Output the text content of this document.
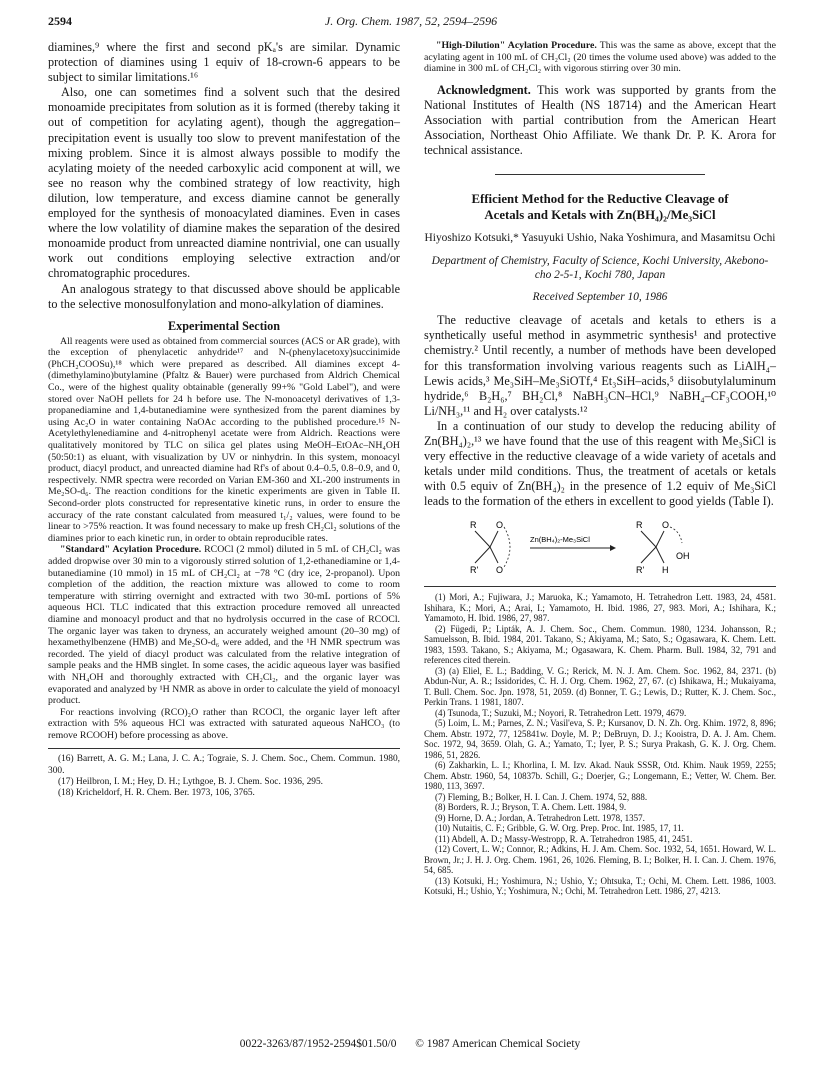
2594	J. Org. Chem. 1987, 52, 2594–2596

diamines,⁹ where the first and second pKₐ's are similar. Dynamic protection of diamines using 1 equiv of 18-crown-6 appears to be subject to similar limitations.¹⁶

Also, one can sometimes find a solvent such that the desired monoamide precipitates from solution as it is formed (thereby taking it out of competition for acylating agent), though the aggregation–precipitation event is usually too slow to prevent manifestation of the mixing problem. Since it is almost always possible to modify the acylating moiety of the needed carboxylic acid component at will, we see no reason why the combined strategy of low reactivity, high dilution, low temperature, and excess diamine cannot be generally employed for the synthesis of monoacylated diamines. Even in cases where the low volatility of diamine makes the separation of the desired monoamide product from unreacted diamine nontrivial, one can usually work out conditions employing selective extraction and/or chromatographic procedures.

An analogous strategy to that discussed above should be applicable to the selective monosulfonylation and mono-alkylation of diamines.

Experimental Section

All reagents were used as obtained from commercial sources (ACS or AR grade), with the exception of phenylacetic anhydride¹⁷ and N-(phenylacetoxy)succinimide (PhCH₂COOSu),¹⁸ which were prepared as described. All diamines except 4-(dimethylamino)butylamine (Pfaltz & Bauer) were purchased from Aldrich Chemical Co., were of the highest quality obtainable (generally 99+% "Gold Label"), and were stored over NaOH pellets for 24 h before use. The N-monoacetyl derivatives of 1,3-propanediamine and 1,4-butanediamine were synthesized from the parent diamines by using Ac₂O in water containing NaOAc according to the published procedure.¹⁵ N-Acetylethylenediamine and 4-nitrophenyl acetate were from Aldrich. Reactions were qualitatively monitored by TLC on silica gel plates using MeOH–EtOAc–NH₄OH (50:50:1) as eluant, with visualization by UV or ninhydrin. In this system, monoacyl product, diacyl product, and unreacted diamine had Rf's of about 0.4–0.5, 0.8–0.9, and 0, respectively. NMR spectra were recorded on Varian EM-360 and XL-200 instruments in Me₂SO-d₆. The reaction conditions for the kinetic experiments are given in Table II. Second-order plots constructed for representative kinetic runs, in order to ensure the accuracy of the rate constant calculated from measured t₁/₂ values, were found to be linear to >75% reaction. It was found necessary to make up fresh CH₂Cl₂ solutions of the diamines prior to each kinetic run, in order to obtain reproducible rates.

"Standard" Acylation Procedure. RCOCl (2 mmol) diluted in 5 mL of CH₂Cl₂ was added dropwise over 30 min to a vigorously stirred solution of 1,2-ethanediamine or 1,4-butanediamine (10 mmol) in 15 mL of CH₂Cl₂ at −78 °C (dry ice, 2-propanol). Upon completion of the addition, the reaction mixture was allowed to come to room temperature with stirring overnight and extracted with two 30-mL portions of 5% aqueous HCl. TLC indicated that this extraction procedure removed all unreacted diamine and monoacyl product and that no hydrolysis occurred in the case of RCOCl. The organic layer was taken to dryness, an accurately weighed amount (20–30 mg) of hexamethylbenzene (HMB) and Me₂SO-d₆ were added, and the ¹H NMR spectrum was recorded. The yield of diacyl product was calculated from the relative integration of sample peaks and the HMB singlet. In some cases, the acidic aqueous layer was basified with NH₄OH and thoroughly extracted with CH₂Cl₂, and the organic layer was evaporated and analyzed by ¹H NMR as above in order to calculate the yield of monoacyl product.

For reactions involving (RCO)₂O rather than RCOCl, the organic layer left after extraction with 5% aqueous HCl was extracted with saturated aqueous NaHCO₃ (to remove RCOOH) before processing as above.

(16) Barrett, A. G. M.; Lana, J. C. A.; Tograie, S. J. Chem. Soc., Chem. Commun. 1980, 300.

(17) Heilbron, I. M.; Hey, D. H.; Lythgoe, B. J. Chem. Soc. 1936, 295.

(18) Kricheldorf, H. R. Chem. Ber. 1973, 106, 3765.

"High-Dilution" Acylation Procedure. This was the same as above, except that the acylating agent in 100 mL of CH₂Cl₂ (20 times the volume used above) was added to the diamine in 300 mL of CH₂Cl₂ with vigorous stirring over 30 min.

Acknowledgment. This work was supported by grants from the National Institutes of Health (NS 18714) and the American Heart Association with partial contribution from the American Heart Association, Northeast Ohio Affiliate. We thank Dr. P. K. Arora for technical assistance.

Efficient Method for the Reductive Cleavage of
Acetals and Ketals with Zn(BH₄)₂/Me₃SiCl
Hiyoshizo Kotsuki,* Yasuyuki Ushio, Naka Yoshimura, and Masamitsu Ochi
Department of Chemistry, Faculty of Science, Kochi University, Akebono-cho 2-5-1, Kochi 780, Japan
Received September 10, 1986

The reductive cleavage of acetals and ketals to ethers is a synthetically useful method in asymmetric synthesis¹ and protective chemistry.² Until recently, a number of methods have been developed for this transformation involving various reagents such as LiAlH₄–Lewis acids,³ Me₃SiH–Me₃SiOTf,⁴ Et₃SiH–acids,⁵ diisobutylaluminum hydride,⁶ B₂H₆,⁷ BH₂Cl,⁸ NaBH₃CN–HCl,⁹ NaBH₄–CF₃COOH,¹⁰ Li/NH₃,¹¹ and H₂ over catalysts.¹²

In a continuation of our study to develop the reducing ability of Zn(BH₄)₂,¹³ we have found that the use of this reagent with Me₃SiCl is very effective in the reductive cleavage of a wide variety of acetals and ketals under mild conditions. Thus, the treatment of acetals or ketals with 0.5 equiv of Zn(BH₄)₂ in the presence of 1.2 equiv of Me₃SiCl leads to the formation of the ethers in excellent to good yields (Table I).

R O
R' O
Zn(BH₄)₂-Me₃SiCl
R O
OH
R' H

(1) Mori, A.; Fujiwara, J.; Maruoka, K.; Yamamoto, H. Tetrahedron Lett. 1983, 24, 4581. Ishihara, K.; Mori, A.; Arai, I.; Yamamoto, H. Ibid. 1986, 27, 983. Mori, A.; Ishihara, K.; Yamamoto, H. Ibid. 1986, 27, 987.

(2) Fügedi, P.; Lipták, A. J. Chem. Soc., Chem. Commun. 1980, 1234. Johansson, R.; Samuelsson, B. Ibid. 1984, 201. Takano, S.; Akiyama, M.; Sato, S.; Ogasawara, K. Chem. Lett. 1983, 1593. Takano, S.; Akiyama, M.; Ogasawara, K. Chem. Pharm. Bull. 1984, 32, 791 and references cited therein.

(3) (a) Eliel, E. L.; Badding, V. G.; Rerick, M. N. J. Am. Chem. Soc. 1962, 84, 2371. (b) Abdun-Nur, A. R.; Issidorides, C. H. J. Org. Chem. 1962, 27, 67. (c) Ishikawa, H.; Mukaiyama, T. Bull. Chem. Soc. Jpn. 1978, 51, 2059. (d) Bonner, T. G.; Lewis, D.; Rutter, K. J. Chem. Soc., Perkin Trans. 1 1981, 1807.

(4) Tsunoda, T.; Suzuki, M.; Noyori, R. Tetrahedron Lett. 1979, 4679.

(5) Loim, L. M.; Parnes, Z. N.; Vasil'eva, S. P.; Kursanov, D. N. Zh. Org. Khim. 1972, 8, 896; Chem. Abstr. 1972, 77, 125841w. Doyle, M. P.; DeBruyn, D. J.; Kooistra, D. A. J. Am. Chem. Soc. 1972, 94, 3659. Olah, G. A.; Yamato, T.; Iyer, P. S.; Surya Prakash, G. K. J. Org. Chem. 1986, 51, 2826.

(6) Zakharkin, L. I.; Khorlina, I. M. Izv. Akad. Nauk SSSR, Otd. Khim. Nauk 1959, 2255; Chem. Abstr. 1960, 54, 10837b. Schill, G.; Doerjer, G.; Longemann, E.; Vetter, W. Chem. Ber. 1980, 113, 3697.

(7) Fleming, B.; Bolker, H. I. Can. J. Chem. 1974, 52, 888.

(8) Borders, R. J.; Bryson, T. A. Chem. Lett. 1984, 9.

(9) Horne, D. A.; Jordan, A. Tetrahedron Lett. 1978, 1357.

(10) Nutaitis, C. F.; Gribble, G. W. Org. Prep. Proc. Int. 1985, 17, 11.

(11) Abdell, A. D.; Massy-Westropp, R. A. Tetrahedron 1985, 41, 2451.

(12) Covert, L. W.; Connor, R.; Adkins, H. J. Am. Chem. Soc. 1932, 54, 1651. Howard, W. L. Brown, Jr.; J. H. J. Org. Chem. 1961, 26, 1026. Fleming, B. I.; Bolker, H. I. Can. J. Chem. 1976, 54, 685.

(13) Kotsuki, H.; Yoshimura, N.; Ushio, Y.; Ohtsuka, T.; Ochi, M. Chem. Lett. 1986, 1003. Kotsuki, H.; Ushio, Y.; Yoshimura, N.; Ochi, M. Tetrahedron Lett. 1986, 27, 4213.

0022-3263/87/1952-2594$01.50/0 © 1987 American Chemical Society
